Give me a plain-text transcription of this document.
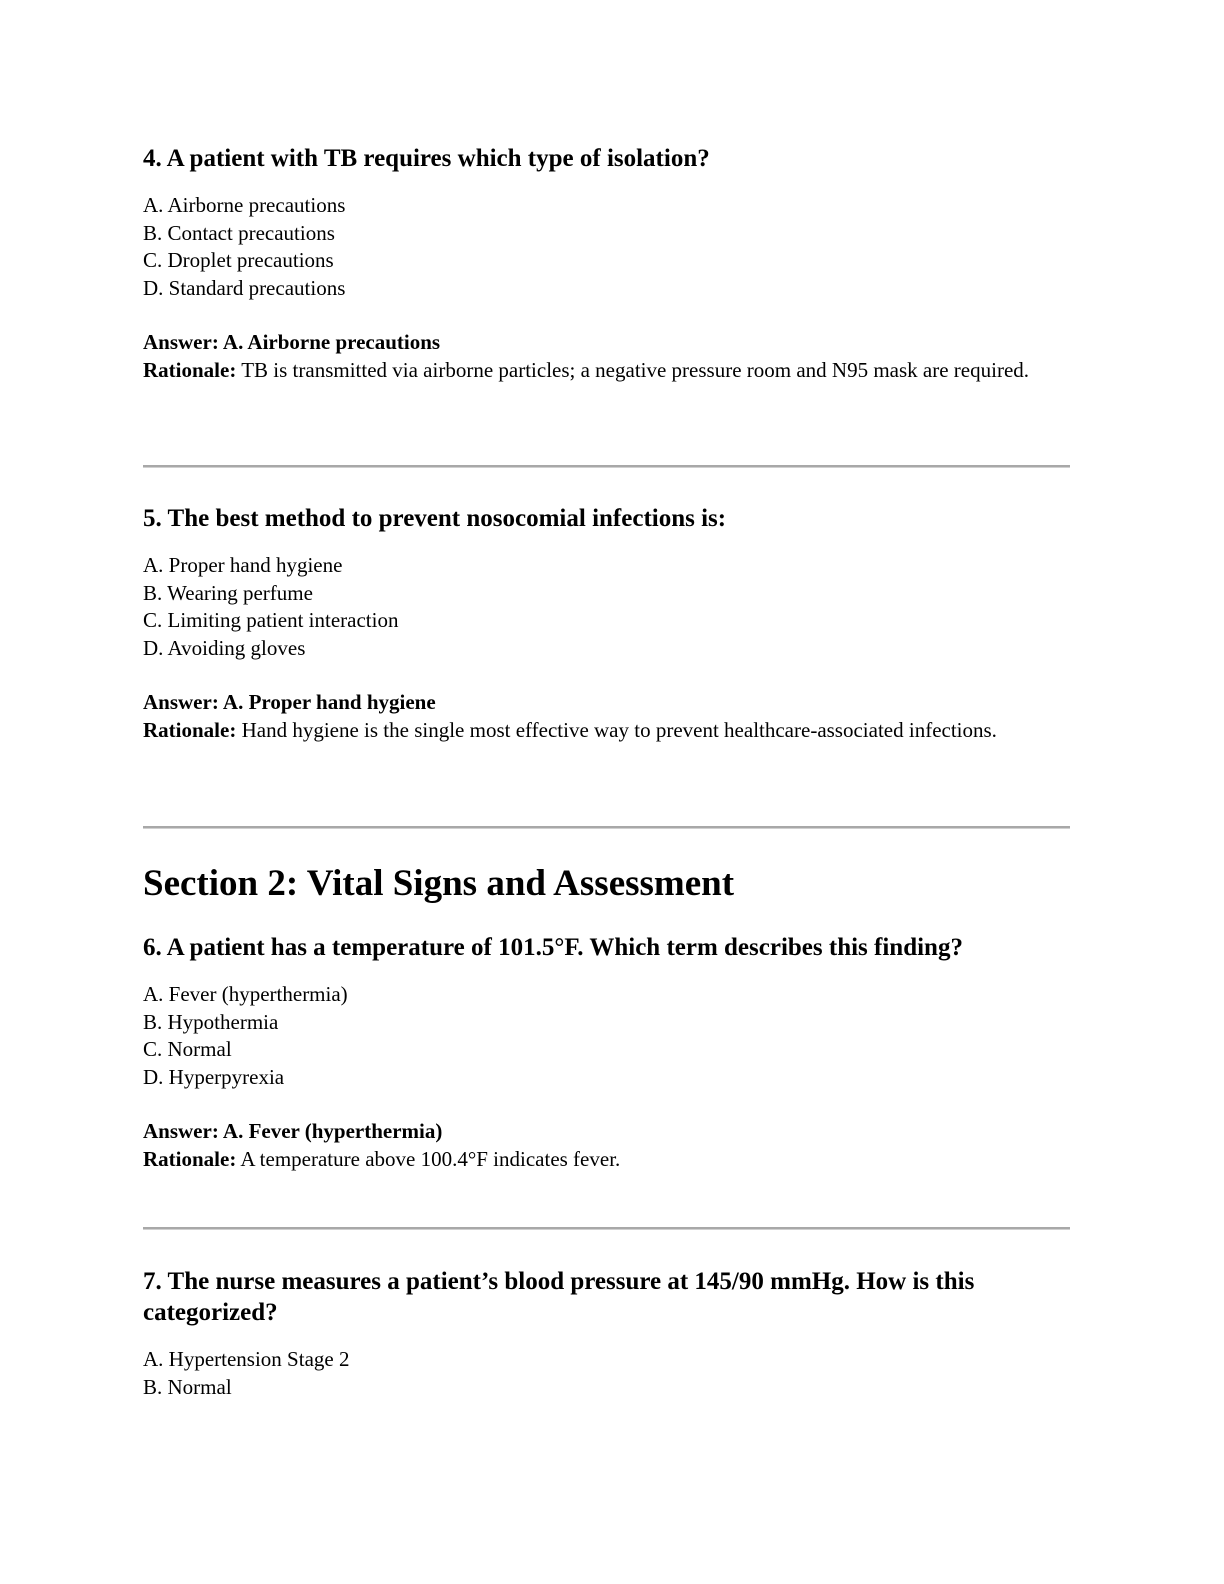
4. A patient with TB requires which type of isolation?
A. Airborne precautions
B. Contact precautions
C. Droplet precautions
D. Standard precautions
Answer: A. Airborne precautions
Rationale: TB is transmitted via airborne particles; a negative pressure room and N95 mask are required.
5. The best method to prevent nosocomial infections is:
A. Proper hand hygiene
B. Wearing perfume
C. Limiting patient interaction
D. Avoiding gloves
Answer: A. Proper hand hygiene
Rationale: Hand hygiene is the single most effective way to prevent healthcare-associated infections.
Section 2: Vital Signs and Assessment
6. A patient has a temperature of 101.5°F. Which term describes this finding?
A. Fever (hyperthermia)
B. Hypothermia
C. Normal
D. Hyperpyrexia
Answer: A. Fever (hyperthermia)
Rationale: A temperature above 100.4°F indicates fever.
7. The nurse measures a patient’s blood pressure at 145/90 mmHg. How is this categorized?
A. Hypertension Stage 2
B. Normal
